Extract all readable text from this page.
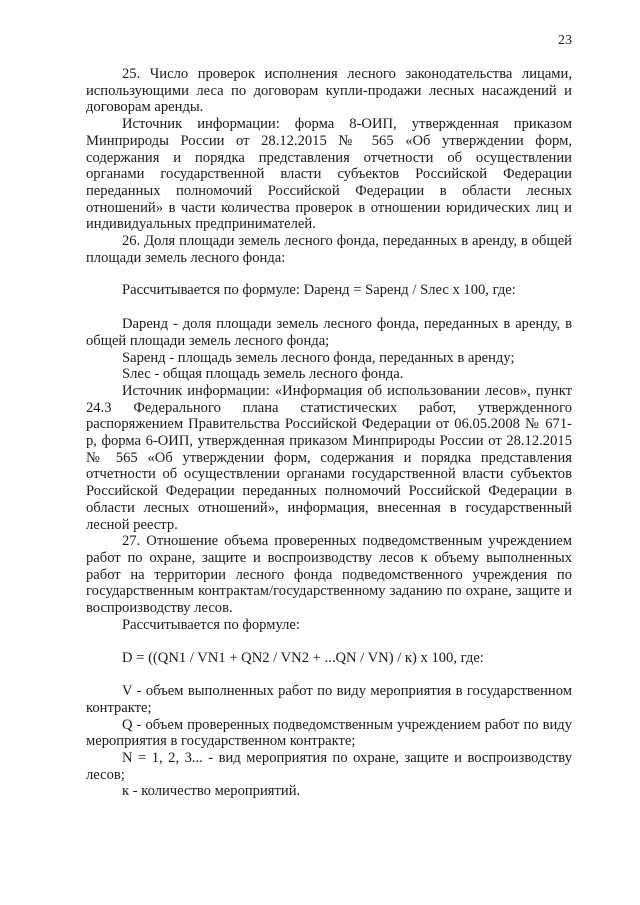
23

25. Число проверок исполнения лесного законодательства лицами, использующими леса по договорам купли-продажи лесных насаждений и договорам аренды.

Источник информации: форма 8-ОИП, утвержденная приказом Минприроды России от 28.12.2015 № 565 «Об утверждении форм, содержания и порядка представления отчетности об осуществлении органами государственной власти субъектов Российской Федерации переданных полномочий Российской Федерации в области лесных отношений» в части количества проверок в отношении юридических лиц и индивидуальных предпринимателей.

26. Доля площади земель лесного фонда, переданных в аренду, в общей площади земель лесного фонда:

Рассчитывается по формуле: Dаренд = Sаренд / Sлес x 100, где:

Dаренд - доля площади земель лесного фонда, переданных в аренду, в общей площади земель лесного фонда;

Sаренд - площадь земель лесного фонда, переданных в аренду;

Sлес - общая площадь земель лесного фонда.

Источник информации: «Информация об использовании лесов», пункт 24.3 Федерального плана статистических работ, утвержденного распоряжением Правительства Российской Федерации от 06.05.2008 № 671-р, форма 6-ОИП, утвержденная приказом Минприроды России от 28.12.2015 № 565 «Об утверждении форм, содержания и порядка представления отчетности об осуществлении органами государственной власти субъектов Российской Федерации переданных полномочий Российской Федерации в области лесных отношений», информация, внесенная в государственный лесной реестр.

27. Отношение объема проверенных подведомственным учреждением работ по охране, защите и воспроизводству лесов к объему выполненных работ на территории лесного фонда подведомственного учреждения по государственным контрактам/государственному заданию по охране, защите и воспроизводству лесов.

Рассчитывается по формуле:

D = ((QN1 / VN1 + QN2 / VN2 + ...QN / VN) / к) х 100, где:

V - объем выполненных работ по виду мероприятия в государственном контракте;

Q - объем проверенных подведомственным учреждением работ по виду мероприятия в государственном контракте;

N = 1, 2, 3... - вид мероприятия по охране, защите и воспроизводству лесов;

к - количество мероприятий.
